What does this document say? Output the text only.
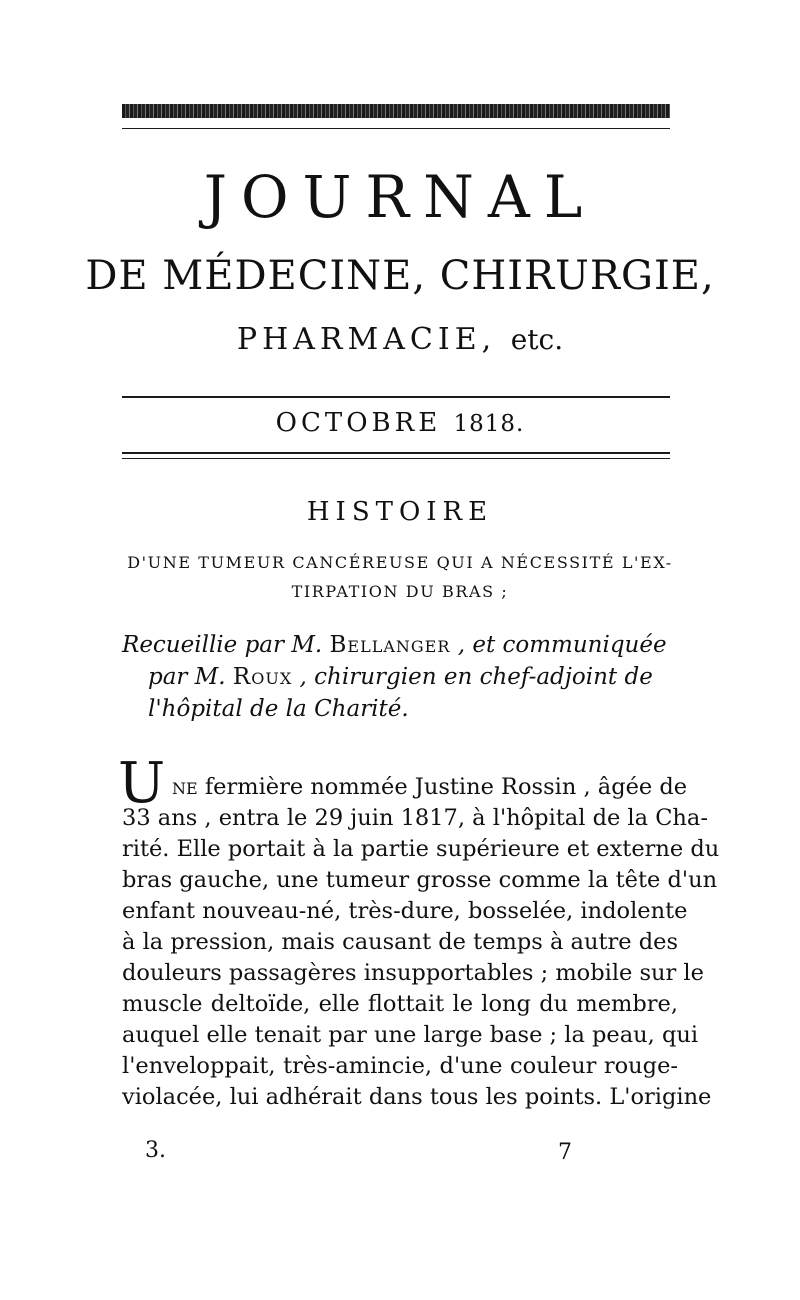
JOURNAL
DE MÉDECINE, CHIRURGIE,
PHARMACIE, etc.
OCTOBRE 1818.
HISTOIRE
D'UNE TUMEUR CANCÉREUSE QUI A NÉCESSITÉ L'EX-
TIRPATION DU BRAS ;
Recueillie par M. Bellanger , et communiquée
par M. Roux , chirurgien en chef-adjoint de
l'hôpital de la Charité.
U ne fermière nommée Justine Rossin , âgée de
33 ans , entra le 29 juin 1817, à l'hôpital de la Cha-
rité. Elle portait à la partie supérieure et externe du
bras gauche, une tumeur grosse comme la tête d'un
enfant nouveau-né, très-dure, bosselée, indolente
à la pression, mais causant de temps à autre des
douleurs passagères insupportables ; mobile sur le
muscle deltoïde, elle flottait le long du membre,
auquel elle tenait par une large base ; la peau, qui
l'enveloppait, très-amincie, d'une couleur rouge-
violacée, lui adhérait dans tous les points. L'origine
3.	7
